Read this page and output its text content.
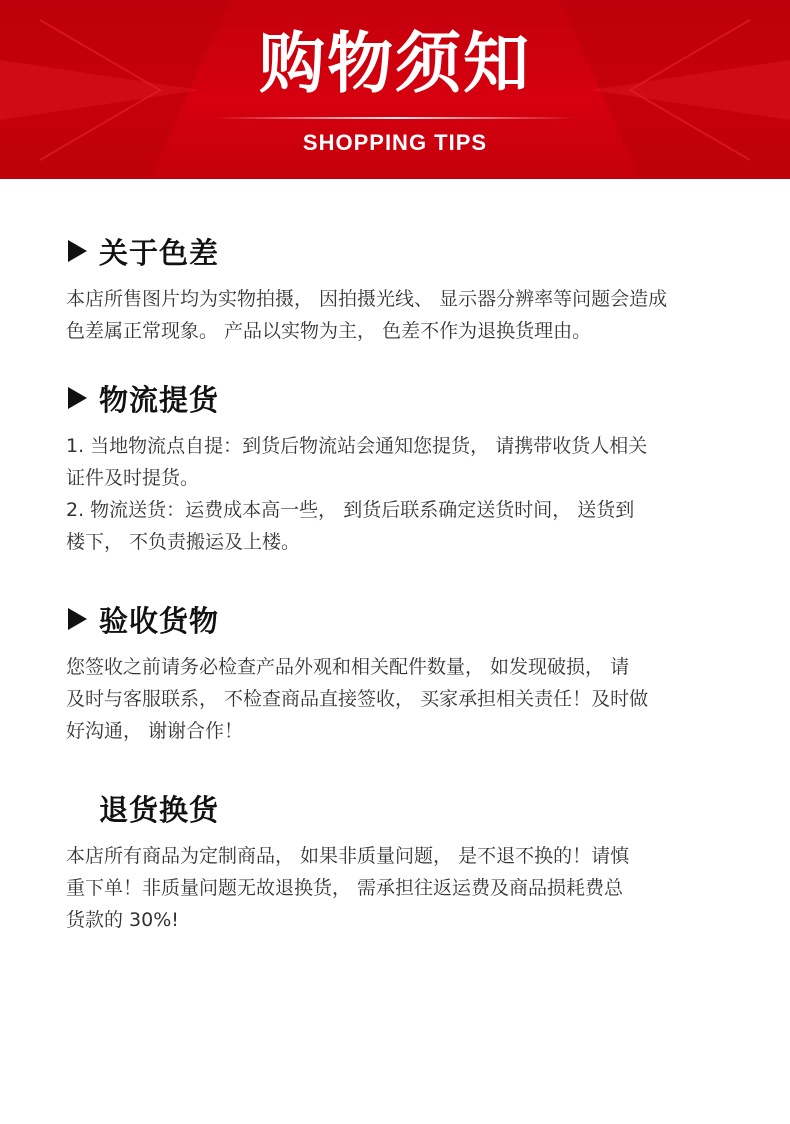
购物须知
SHOPPING TIPS
关于色差
本店所售图片均为实物拍摄， 因拍摄光线、 显示器分辨率等问题会造成
色差属正常现象。 产品以实物为主， 色差不作为退换货理由。
物流提货
1. 当地物流点自提：到货后物流站会通知您提货， 请携带收货人相关
证件及时提货。
2. 物流送货：运费成本高一些， 到货后联系确定送货时间， 送货到
楼下， 不负责搬运及上楼。
验收货物
您签收之前请务必检查产品外观和相关配件数量， 如发现破损， 请
及时与客服联系， 不检查商品直接签收， 买家承担相关责任！及时做
好沟通， 谢谢合作！
退货换货
本店所有商品为定制商品， 如果非质量问题， 是不退不换的！请慎
重下单！非质量问题无故退换货， 需承担往返运费及商品损耗费总
货款的 30%!
